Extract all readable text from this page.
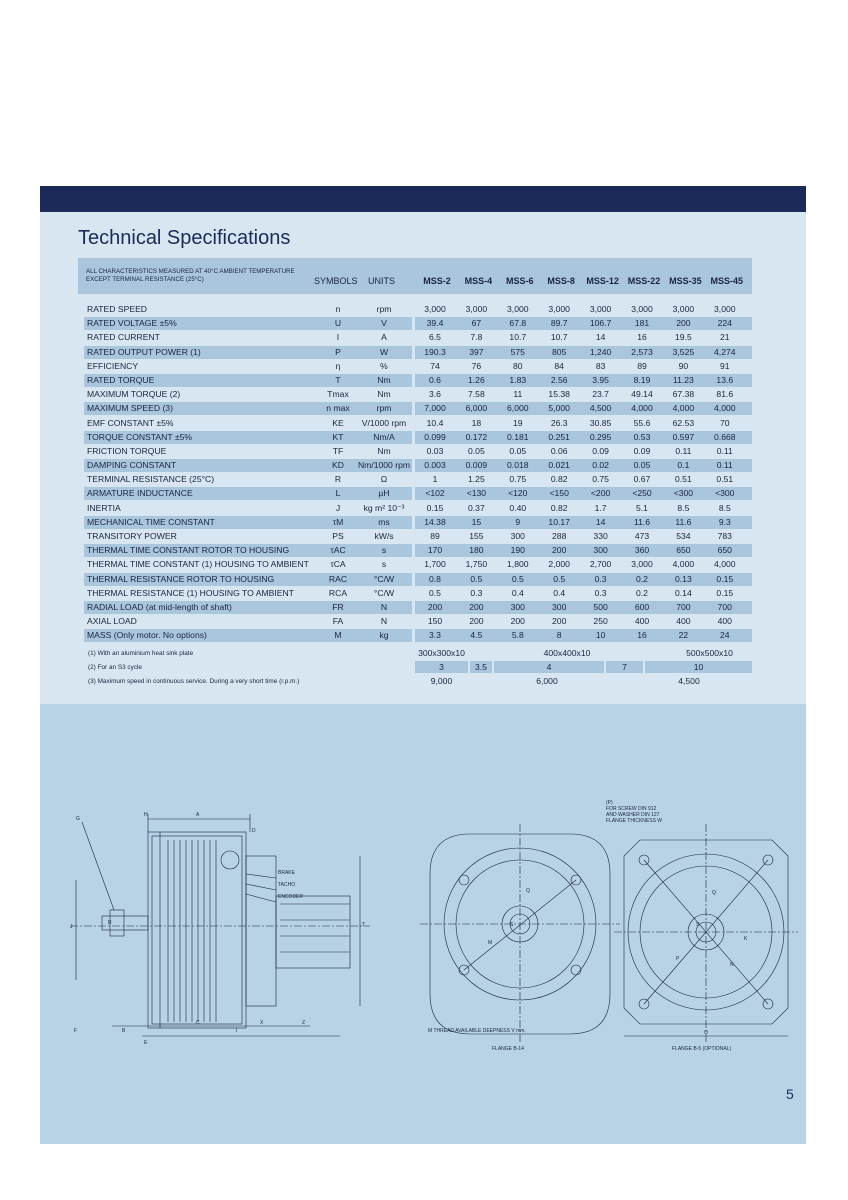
Technical Specifications
ALL CHARACTERISTICS MEASURED AT 40°C AMBIENT TEMPERATURE EXCEPT TERMINAL RESISTANCE (25°C)	SYMBOLS UNITS	MSS-2	MSS-4	MSS-6	MSS-8	MSS-12 MSS-22 MSS-35 MSS-45
RATED SPEED	n	rpm	3,000	3,000	3,000	3,000	3,000	3,000	3,000	3,000
RATED VOLTAGE ±5%	U	V	39.4	67	67.8	89.7	106.7	181	200	224
RATED CURRENT	I	A	6.5	7.8	10.7	10.7	14	16	19.5	21
RATED OUTPUT POWER (1)	P	W	190.3	397	575	805	1,240	2,573	3,525	4,274
EFFICIENCY	η	%	74	76	80	84	83	89	90	91
RATED TORQUE	T	Nm	0.6	1.26	1.83	2.56	3.95	8.19	11.23	13.6
MAXIMUM TORQUE (2)	Tmax	Nm	3.6	7.58	11	15.38	23.7	49.14	67.38	81.6
MAXIMUM SPEED (3)	n max	rpm	7,000	6,000	6,000	5,000	4,500	4,000	4,000	4,000
EMF CONSTANT ±5%	KE	V/1000 rpm	10.4	18	19	26.3	30.85	55.6	62.53	70
TORQUE CONSTANT ±5%	KT	Nm/A	0.099	0.172	0.181	0.251	0.295	0.53	0.597	0.668
FRICTION TORQUE	TF	Nm	0.03	0.05	0.05	0.06	0.09	0.09	0.11	0.11
DAMPING CONSTANT	KD	Nm/1000 rpm	0.003	0.009	0.018	0.021	0.02	0.05	0.1	0.11
TERMINAL RESISTANCE (25°C)	R	Ω	1	1.25	0.75	0.82	0.75	0.67	0.51	0.51
ARMATURE INDUCTANCE	L	µH	<102	<130	<120	<150	<200	<250	<300	<300
INERTIA	J	kg m² 10⁻³	0.15	0.37	0.40	0.82	1.7	5.1	8.5	8.5
MECHANICAL TIME CONSTANT	τM	ms	14.38	15	9	10.17	14	11.6	11.6	9.3
TRANSITORY POWER	PS	kW/s	89	155	300	288	330	473	534	783
THERMAL TIME CONSTANT ROTOR TO HOUSING	τAC	s	170	180	190	200	300	360	650	650
THERMAL TIME CONSTANT (1) HOUSING TO AMBIENT	τCA	s	1,700	1,750	1,800	2,000	2,700	3,000	4,000	4,000
THERMAL RESISTANCE ROTOR TO HOUSING	RAC	°C/W	0.8	0.5	0.5	0.5	0.3	0.2	0.13	0.15
THERMAL RESISTANCE (1) HOUSING TO AMBIENT	RCA	°C/W	0.5	0.3	0.4	0.4	0.3	0.2	0.14	0.15
RADIAL LOAD (at mid-length of shaft)	FR	N	200	200	300	300	500	600	700	700
AXIAL LOAD	FA	N	150	200	200	200	250	400	400	400
MASS (Only motor. No options)	M	kg	3.3	4.5	5.8	8	10	16	22	24
(1) With an aluminium heat sink plate
(2) For an S3 cycle
(3) Maximum speed in continuous service. During a very short time (r.p.m.)
300x300x10	400x400x10	500x500x10
3	3.5	4	7	10
9,000	6,000	4,500
G
H	A
D
BRAKE
TACHO
ENCODER
F	B
C	X	Z
E
I
T
R
J
Q
S
M
M THREAD AVAILABLE DEEPNESS V mm.
FLANGE B-14
(P)
FOR SCREW DIN 912
AND WASHER DIN 127
FLANGE THICKNESS W
Q
S
O
P
N
K
FLANGE B-5 (OPTIONAL)
5
